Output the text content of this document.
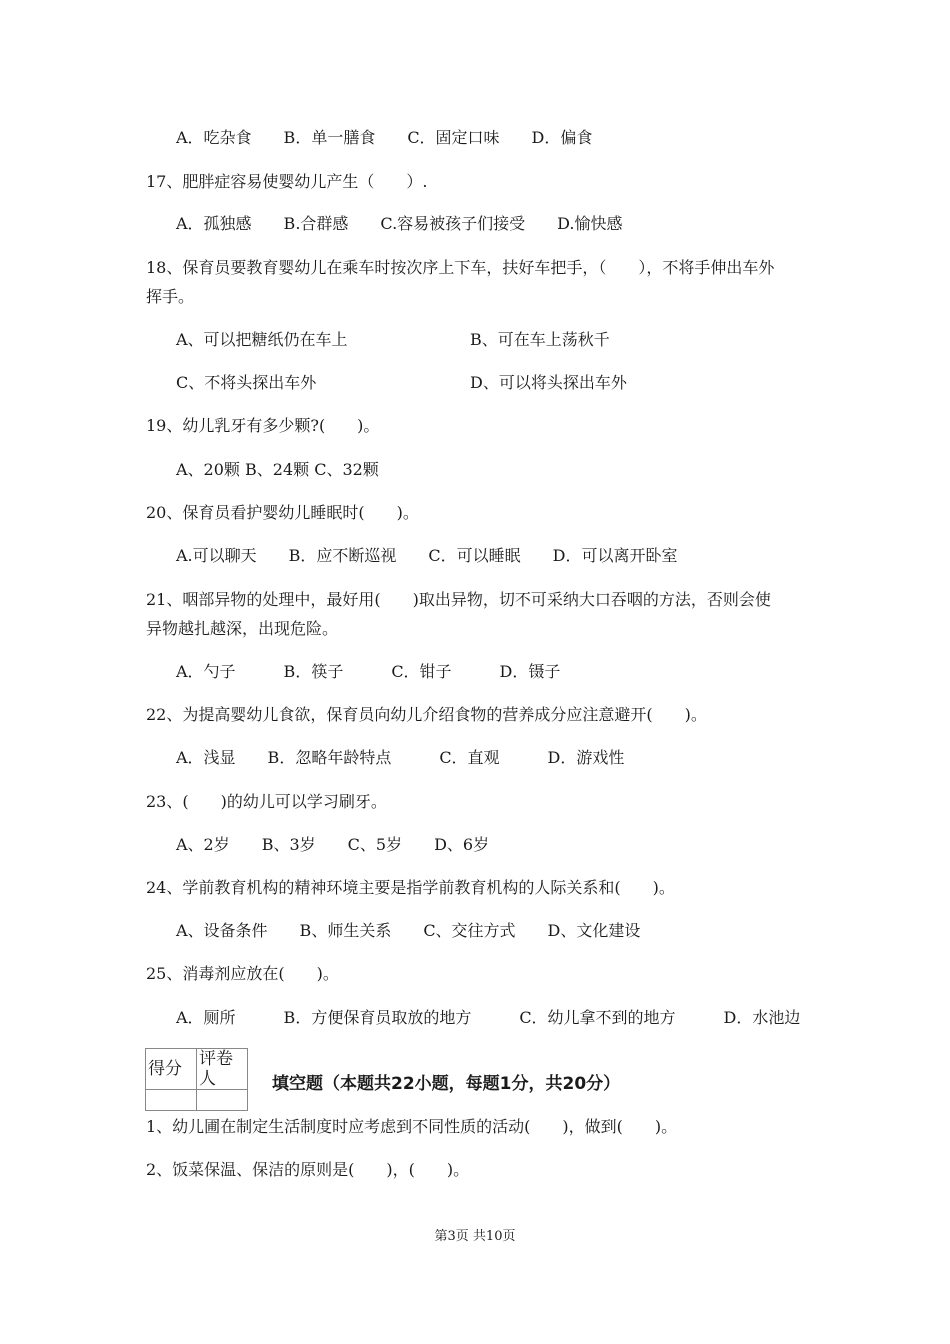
A．吃杂食　　B．单一膳食　　C．固定口味　　D．偏食
17、肥胖症容易使婴幼儿产生（　　）.
A．孤独感　　B.合群感　　C.容易被孩子们接受　　D.愉快感
18、保育员要教育婴幼儿在乘车时按次序上下车，扶好车把手，（　　），不将手伸出车外
挥手。
A、可以把糖纸仍在车上	B、可在车上荡秋千
C、不将头探出车外	D、可以将头探出车外
19、幼儿乳牙有多少颗?(　　)。
A、20颗 B、24颗 C、32颗
20、保育员看护婴幼儿睡眠时(　　)。
A.可以聊天　　B．应不断巡视　　C．可以睡眠　　D．可以离开卧室
21、咽部异物的处理中，最好用(　　)取出异物，切不可采纳大口吞咽的方法，否则会使
异物越扎越深，出现危险。
A．勺子　　　B．筷子　　　C．钳子　　　D．镊子
22、为提高婴幼儿食欲，保育员向幼儿介绍食物的营养成分应注意避开(　　)。
A．浅显　　B．忽略年龄特点　　　C．直观　　　D．游戏性
23、(　　)的幼儿可以学习刷牙。
A、2岁　　B、3岁　　C、5岁　　D、6岁
24、学前教育机构的精神环境主要是指学前教育机构的人际关系和(　　)。
A、设备条件　　B、师生关系　　C、交往方式　　D、文化建设
25、消毒剂应放在(　　)。
A．厕所　　　B．方便保育员取放的地方　　　C．幼儿拿不到的地方　　　D．水池边
得分	评卷人
		填空题（本题共22小题，每题1分，共20分）
1、幼儿圃在制定生活制度时应考虑到不同性质的活动(　　)，做到(　　)。
2、饭菜保温、保洁的原则是(　　)，(　　)。
第3页 共10页
